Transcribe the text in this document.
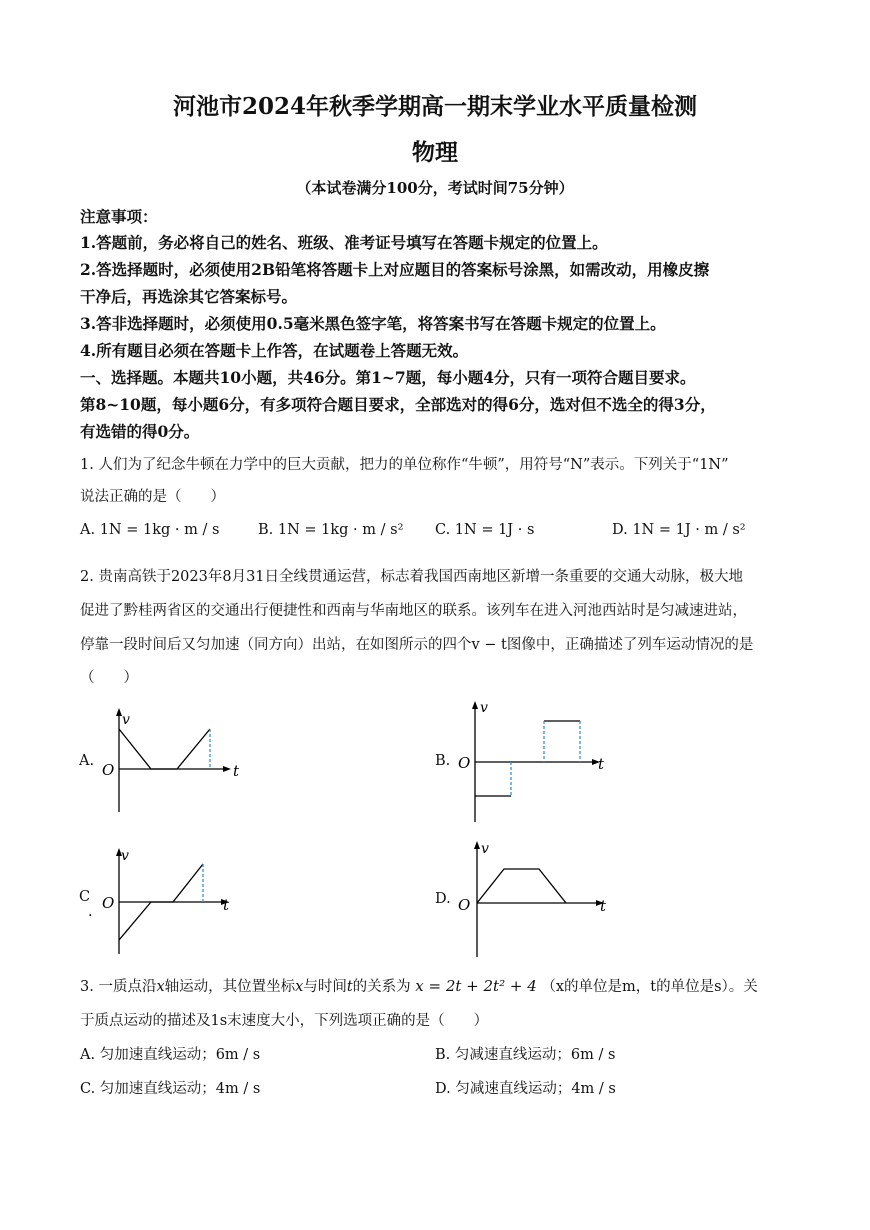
河池市2024年秋季学期高一期末学业水平质量检测
物理
（本试卷满分100分，考试时间75分钟）
注意事项：
1.答题前，务必将自己的姓名、班级、准考证号填写在答题卡规定的位置上。
2.答选择题时，必须使用2B铅笔将答题卡上对应题目的答案标号涂黑，如需改动，用橡皮擦
干净后，再选涂其它答案标号。
3.答非选择题时，必须使用0.5毫米黑色签字笔，将答案书写在答题卡规定的位置上。
4.所有题目必须在答题卡上作答，在试题卷上答题无效。
一、选择题。本题共10小题，共46分。第1~7题，每小题4分，只有一项符合题目要求。
第8~10题，每小题6分，有多项符合题目要求，全部选对的得6分，选对但不选全的得3分，
有选错的得0分。
1. 人们为了纪念牛顿在力学中的巨大贡献，把力的单位称作“牛顿”，用符号“N”表示。下列关于“1N”
说法正确的是（　　）
A. 1N = 1kg · m / s	B. 1N = 1kg · m / s² C. 1N = 1J · s	D. 1N = 1J · m / s²
2. 贵南高铁于2023年8月31日全线贯通运营，标志着我国西南地区新增一条重要的交通大动脉，极大地
促进了黔桂两省区的交通出行便捷性和西南与华南地区的联系。该列车在进入河池西站时是匀减速进站，
停靠一段时间后又匀加速（同方向）出站，在如图所示的四个v − t图像中，正确描述了列车运动情况的是
（　　）
A.
v
t
O	B.
v
t
O
C
.
v
t
O	D.
v
t
O
3. 一质点沿x轴运动，其位置坐标x与时间t的关系为 x = 2t + 2t² + 4 （x的单位是m，t的单位是s）。关
于质点运动的描述及1s末速度大小，下列选项正确的是（　　）
A. 匀加速直线运动；6m / s	B. 匀减速直线运动；6m / s
C. 匀加速直线运动；4m / s	D. 匀减速直线运动；4m / s
